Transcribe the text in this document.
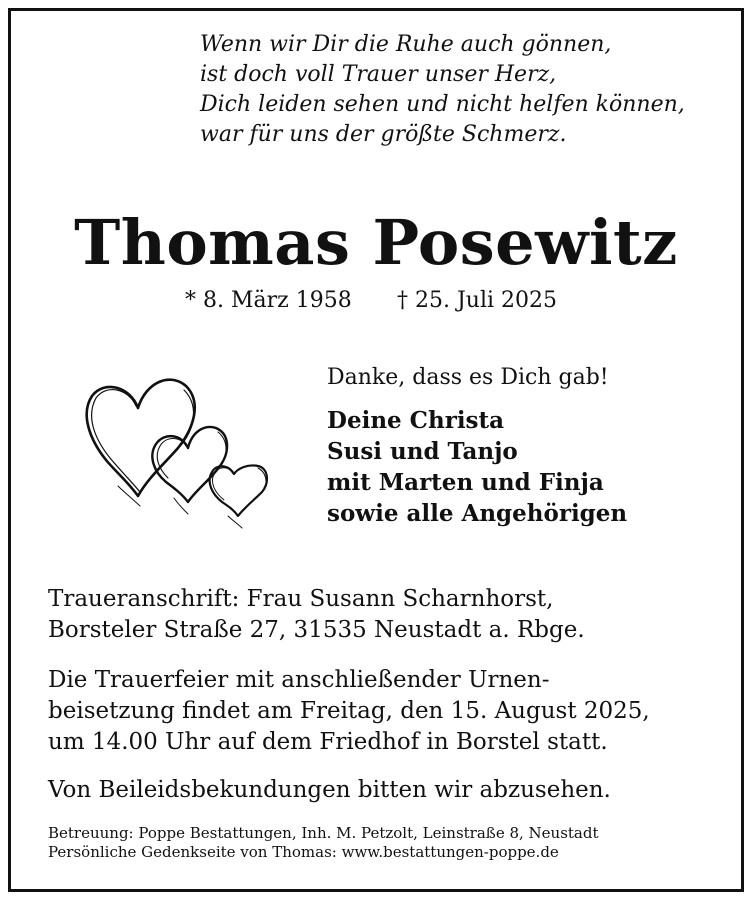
Wenn wir Dir die Ruhe auch gönnen,
ist doch voll Trauer unser Herz,
Dich leiden sehen und nicht helfen können,
war für uns der größte Schmerz.
Thomas Posewitz
* 8. März 1958 † 25. Juli 2025
Danke, dass es Dich gab!
Deine Christa
Susi und Tanjo
mit Marten und Finja
sowie alle Angehörigen
Traueranschrift: Frau Susann Scharnhorst,
Borsteler Straße 27, 31535 Neustadt a. Rbge.
Die Trauerfeier mit anschließender Urnen-
beisetzung findet am Freitag, den 15. August 2025,
um 14.00 Uhr auf dem Friedhof in Borstel statt.
Von Beileidsbekundungen bitten wir abzusehen.
Betreuung: Poppe Bestattungen, Inh. M. Petzolt, Leinstraße 8, Neustadt
Persönliche Gedenkseite von Thomas: www.bestattungen-poppe.de
